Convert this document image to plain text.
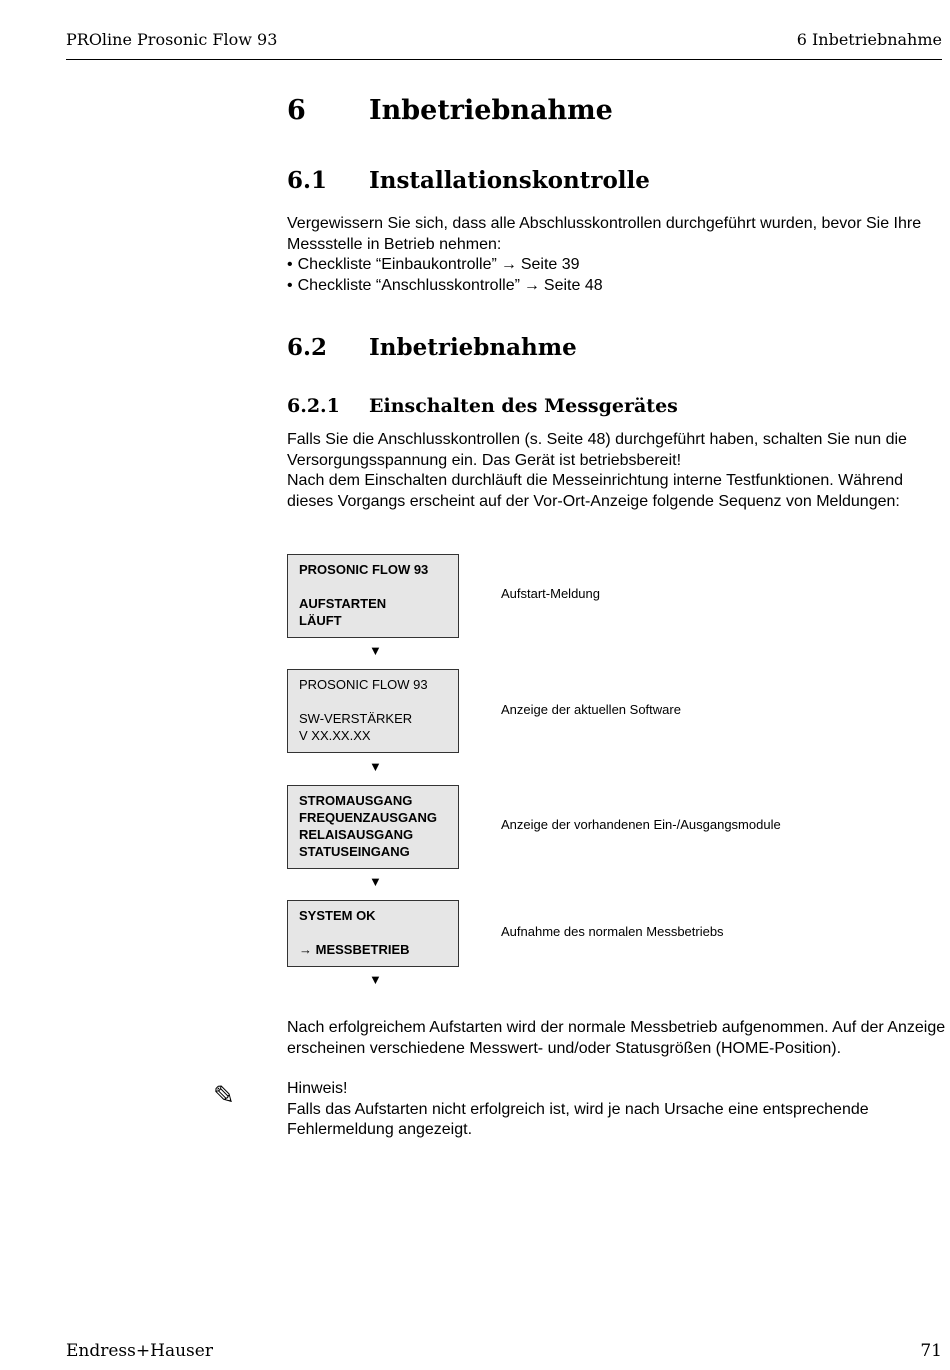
PROline Prosonic Flow 93	6 Inbetriebnahme
6 Inbetriebnahme
6.1 Installationskontrolle

Vergewissern Sie sich, dass alle Abschlusskontrollen durchgeführt wurden, bevor Sie Ihre Messstelle in Betrieb nehmen:

• Checkliste “Einbaukontrolle” → Seite 39
• Checkliste “Anschlusskontrolle” → Seite 48
6.2 Inbetriebnahme
6.2.1 Einschalten des Messgerätes

Falls Sie die Anschlusskontrollen (s. Seite 48) durchgeführt haben, schalten Sie nun die Versorgungsspannung ein. Das Gerät ist betriebsbereit!

Nach dem Einschalten durchläuft die Messeinrichtung interne Testfunktionen. Während dieses Vorgangs erscheint auf der Vor-Ort-Anzeige folgende Sequenz von Meldungen:

PROSONIC FLOW 93
AUFSTARTEN
LÄUFT
Aufstart-Meldung
▼
PROSONIC FLOW 93
SW-VERSTÄRKER
V XX.XX.XX
Anzeige der aktuellen Software
▼
STROMAUSGANG
FREQUENZAUSGANG
RELAISAUSGANG
STATUSEINGANG
Anzeige der vorhandenen Ein-/Ausgangsmodule
▼
SYSTEM OK
→ MESSBETRIEB
Aufnahme des normalen Messbetriebs
▼

Nach erfolgreichem Aufstarten wird der normale Messbetrieb aufgenommen. Auf der Anzeige erscheinen verschiedene Messwert- und/oder Statusgrößen (HOME-Position).

✎	Hinweis!

Falls das Aufstarten nicht erfolgreich ist, wird je nach Ursache eine entsprechende Fehlermeldung angezeigt.

Endress+Hauser	71
